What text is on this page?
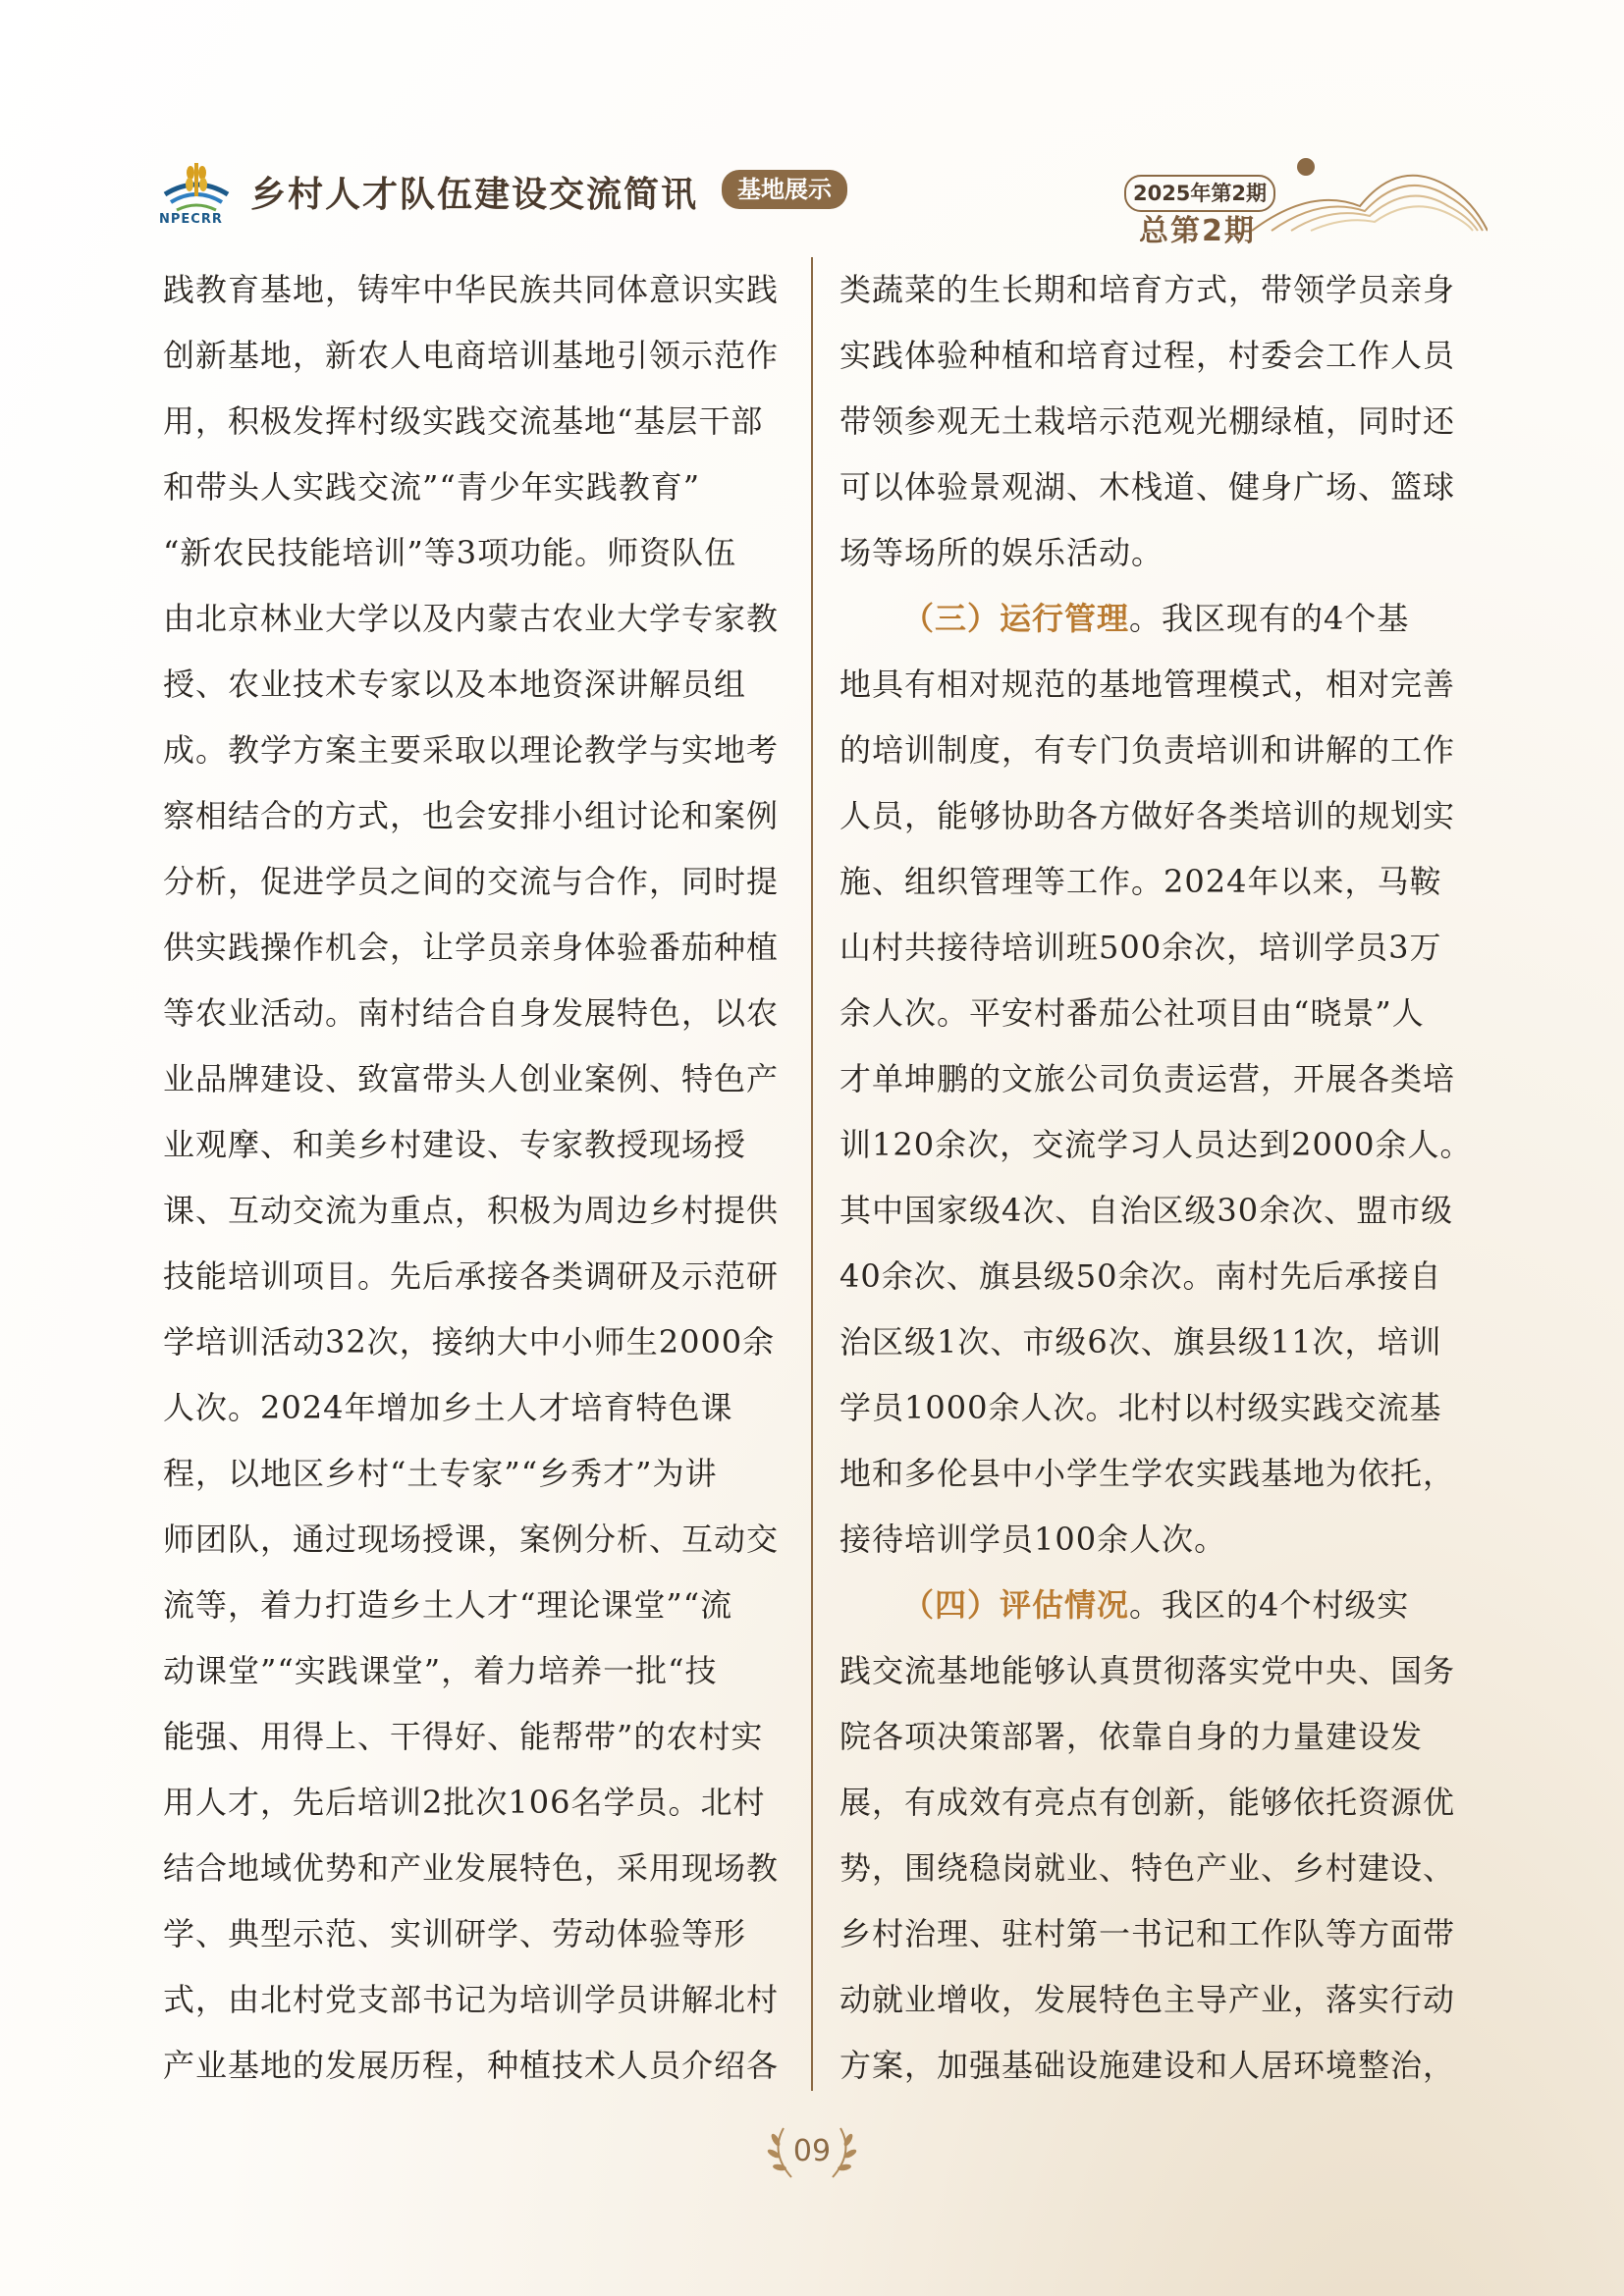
NPECRR
乡村人才队伍建设交流简讯	基地展示	2025年第2期
总第2期
践教育基地，铸牢中华民族共同体意识实践
创新基地，新农人电商培训基地引领示范作
用，积极发挥村级实践交流基地“基层干部
和带头人实践交流”“青少年实践教育”
“新农民技能培训”等3项功能。师资队伍
由北京林业大学以及内蒙古农业大学专家教
授、农业技术专家以及本地资深讲解员组
成。教学方案主要采取以理论教学与实地考
察相结合的方式，也会安排小组讨论和案例
分析，促进学员之间的交流与合作，同时提
供实践操作机会，让学员亲身体验番茄种植
等农业活动。南村结合自身发展特色，以农
业品牌建设、致富带头人创业案例、特色产
业观摩、和美乡村建设、专家教授现场授
课、互动交流为重点，积极为周边乡村提供
技能培训项目。先后承接各类调研及示范研
学培训活动32次，接纳大中小师生2000余
人次。2024年增加乡土人才培育特色课
程，以地区乡村“土专家”“乡秀才”为讲
师团队，通过现场授课，案例分析、互动交
流等，着力打造乡土人才“理论课堂”“流
动课堂”“实践课堂”，着力培养一批“技
能强、用得上、干得好、能帮带”的农村实
用人才，先后培训2批次106名学员。北村
结合地域优势和产业发展特色，采用现场教
学、典型示范、实训研学、劳动体验等形
式，由北村党支部书记为培训学员讲解北村
产业基地的发展历程，种植技术人员介绍各
类蔬菜的生长期和培育方式，带领学员亲身
实践体验种植和培育过程，村委会工作人员
带领参观无土栽培示范观光棚绿植，同时还
可以体验景观湖、木栈道、健身广场、篮球
场等场所的娱乐活动。
（三）运行管理。我区现有的4个基
地具有相对规范的基地管理模式，相对完善
的培训制度，有专门负责培训和讲解的工作
人员，能够协助各方做好各类培训的规划实
施、组织管理等工作。2024年以来，马鞍
山村共接待培训班500余次，培训学员3万
余人次。平安村番茄公社项目由“晓景”人
才单坤鹏的文旅公司负责运营，开展各类培
训120余次，交流学习人员达到2000余人。
其中国家级4次、自治区级30余次、盟市级
40余次、旗县级50余次。南村先后承接自
治区级1次、市级6次、旗县级11次，培训
学员1000余人次。北村以村级实践交流基
地和多伦县中小学生学农实践基地为依托，
接待培训学员100余人次。
（四）评估情况。我区的4个村级实
践交流基地能够认真贯彻落实党中央、国务
院各项决策部署，依靠自身的力量建设发
展，有成效有亮点有创新，能够依托资源优
势，围绕稳岗就业、特色产业、乡村建设、
乡村治理、驻村第一书记和工作队等方面带
动就业增收，发展特色主导产业，落实行动
方案，加强基础设施建设和人居环境整治，
09
